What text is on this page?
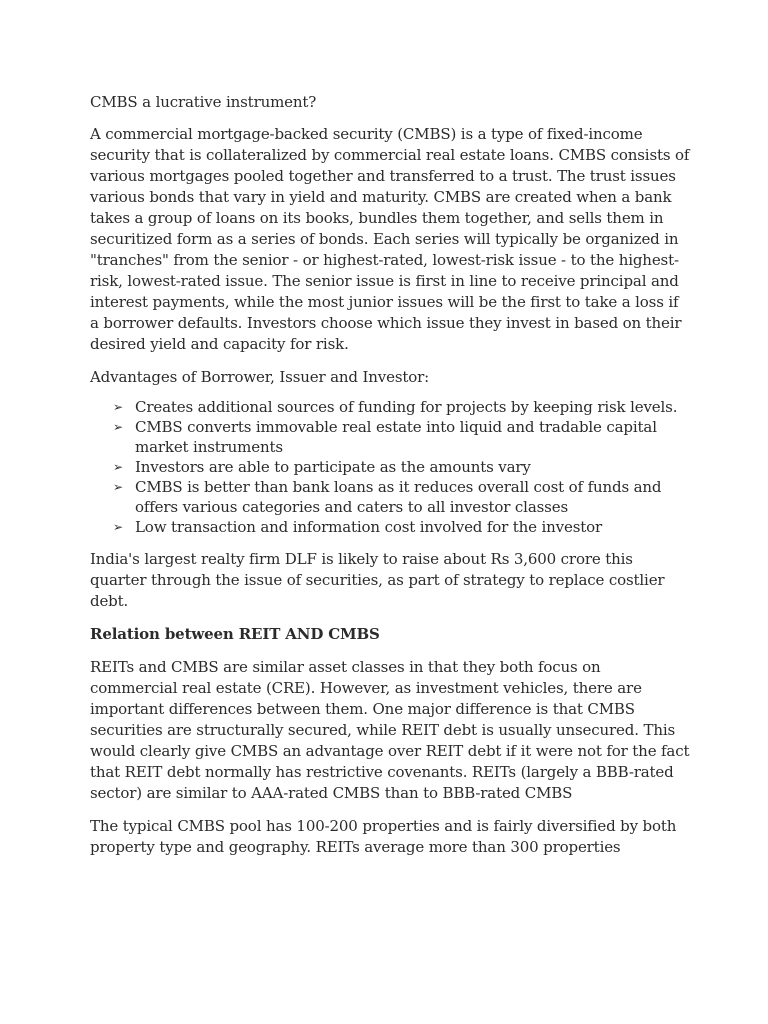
CMBS a lucrative instrument?

A commercial mortgage-backed security (CMBS) is a type of fixed-income security that is collateralized by commercial real estate loans. CMBS consists of various mortgages pooled together and transferred to a trust. The trust issues various bonds that vary in yield and maturity. CMBS are created when a bank takes a group of loans on its books, bundles them together, and sells them in securitized form as a series of bonds. Each series will typically be organized in "tranches" from the senior - or highest-rated, lowest-risk issue - to the highest-risk, lowest-rated issue. The senior issue is first in line to receive principal and interest payments, while the most junior issues will be the first to take a loss if a borrower defaults. Investors choose which issue they invest in based on their desired yield and capacity for risk.

Advantages of Borrower, Issuer and Investor:

➢ Creates additional sources of funding for projects by keeping risk levels.
➢ CMBS converts immovable real estate into liquid and tradable capital market instruments
➢ Investors are able to participate as the amounts vary
➢ CMBS is better than bank loans as it reduces overall cost of funds and offers various categories and caters to all investor classes
➢ Low transaction and information cost involved for the investor

India's largest realty firm DLF is likely to raise about Rs 3,600 crore this quarter through the issue of securities, as part of strategy to replace costlier debt.

Relation between REIT AND CMBS

REITs and CMBS are similar asset classes in that they both focus on commercial real estate (CRE). However, as investment vehicles, there are important differences between them. One major difference is that CMBS securities are structurally secured, while REIT debt is usually unsecured. This would clearly give CMBS an advantage over REIT debt if it were not for the fact that REIT debt normally has restrictive covenants. REITs (largely a BBB-rated sector) are similar to AAA-rated CMBS than to BBB-rated CMBS

The typical CMBS pool has 100-200 properties and is fairly diversified by both property type and geography. REITs average more than 300 properties
